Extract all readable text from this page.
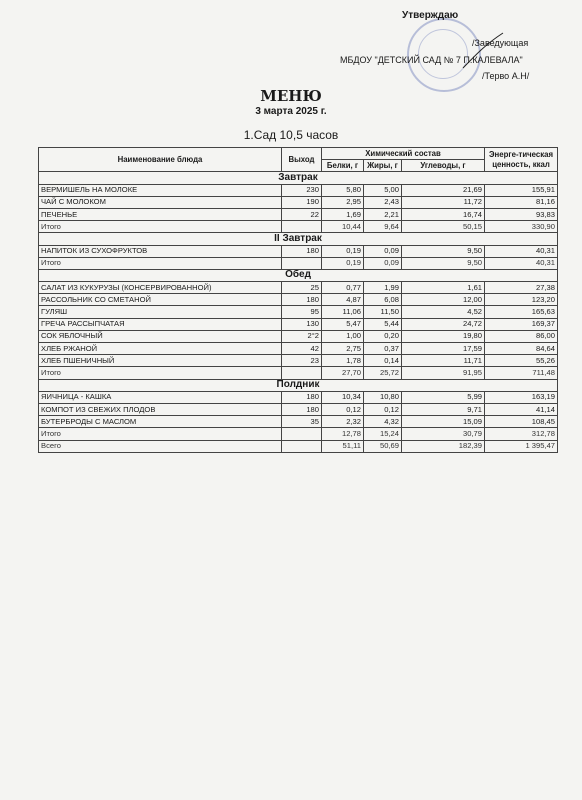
Утверждаю
/Заведующая
МБДОУ "ДЕТСКИЙ САД № 7 П.КАЛЕВАЛА"
/Терво А.Н/
МЕНЮ
3 марта 2025 г.
1.Сад 10,5 часов
Наименование блюда	Выход	Химический состав			Энерге-тическая ценность, ккал
		Белки, г	Жиры, г	Углеводы, г	
Завтрак					
ВЕРМИШЕЛЬ НА МОЛОКЕ	230	5,80	5,00	21,69	155,91
ЧАЙ С МОЛОКОМ	190	2,95	2,43	11,72	81,16
ПЕЧЕНЬЕ	22	1,69	2,21	16,74	93,83
Итого		10,44	9,64	50,15	330,90
II Завтрак					
НАПИТОК ИЗ СУХОФРУКТОВ	180	0,19	0,09	9,50	40,31
Итого		0,19	0,09	9,50	40,31
Обед					
САЛАТ ИЗ КУКУРУЗЫ (КОНСЕРВИРОВАННОЙ)	25	0,77	1,99	1,61	27,38
РАССОЛЬНИК СО СМЕТАНОЙ	180	4,87	6,08	12,00	123,20
ГУЛЯШ	95	11,06	11,50	4,52	165,63
ГРЕЧА РАССЫПЧАТАЯ	130	5,47	5,44	24,72	169,37
СОК ЯБЛОЧНЫЙ	2°2	1,00	0,20	19,80	86,00
ХЛЕБ РЖАНОЙ	42	2,75	0,37	17,59	84,64
ХЛЕБ ПШЕНИЧНЫЙ	23	1,78	0,14	11,71	55,26
Итого		27,70	25,72	91,95	711,48
Полдник					
ЯИЧНИЦА - КАШКА	180	10,34	10,80	5,99	163,19
КОМПОТ ИЗ СВЕЖИХ ПЛОДОВ	180	0,12	0,12	9,71	41,14
БУТЕРБРОДЫ С МАСЛОМ	35	2,32	4,32	15,09	108,45
Итого		12,78	15,24	30,79	312,78
Всего		51,11	50,69	182,39	1 395,47
